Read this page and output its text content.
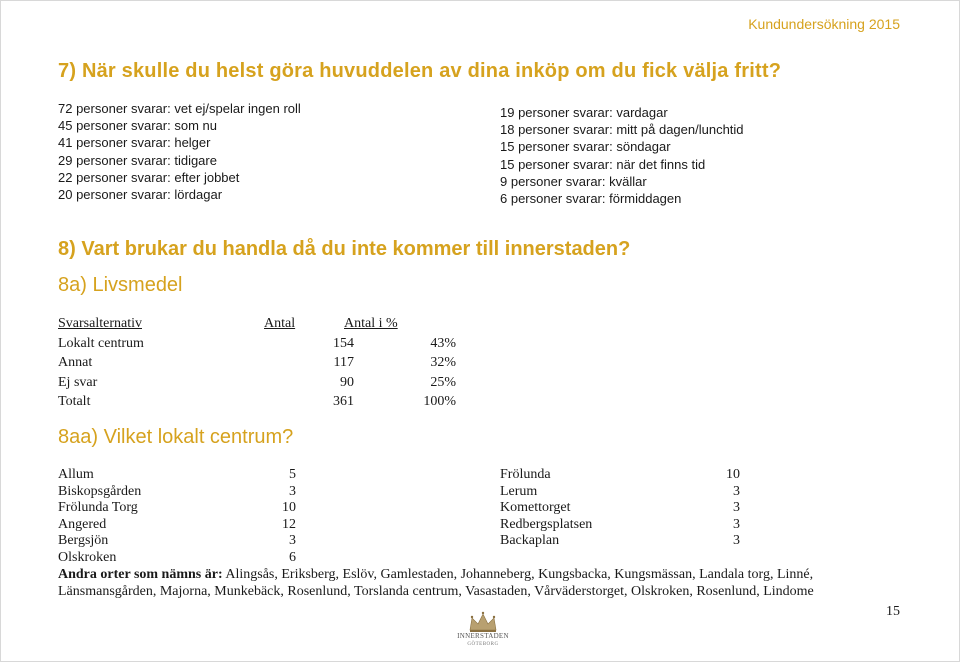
Kundundersökning 2015
7) När skulle du helst göra huvuddelen av dina inköp om du fick välja fritt?
72 personer svarar: vet ej/spelar ingen roll
45 personer svarar: som nu
41 personer svarar: helger
29 personer svarar: tidigare
22 personer svarar: efter jobbet
20 personer svarar: lördagar
19 personer svarar: vardagar
18 personer svarar: mitt på dagen/lunchtid
15 personer svarar: söndagar
15 personer svarar: när det finns tid
9 personer svarar: kvällar
6 personer svarar: förmiddagen
8) Vart brukar du handla då du inte kommer till innerstaden?
8a) Livsmedel
Svarsalternativ	Antal	Antal i %
Lokalt centrum	154	43%
Annat	117	32%
Ej svar	90	25%
Totalt	361	100%
8aa) Vilket lokalt centrum?
Allum	5
Biskopsgården	3
Frölunda Torg	10
Angered	12
Bergsjön	3
Olskroken	6
Frölunda	10
Lerum	3
Komettorget	3
Redbergsplatsen	3
Backaplan	3
Andra orter som nämns är: Alingsås, Eriksberg, Eslöv, Gamlestaden, Johanneberg, Kungsbacka, Kungsmässan, Landala torg, Linné, Länsmansgården, Majorna, Munkebäck, Rosenlund, Torslanda centrum, Vasastaden, Vårväderstorget, Olskroken, Rosenlund, Lindome
15
INNERSTADEN
GÖTEBORG
